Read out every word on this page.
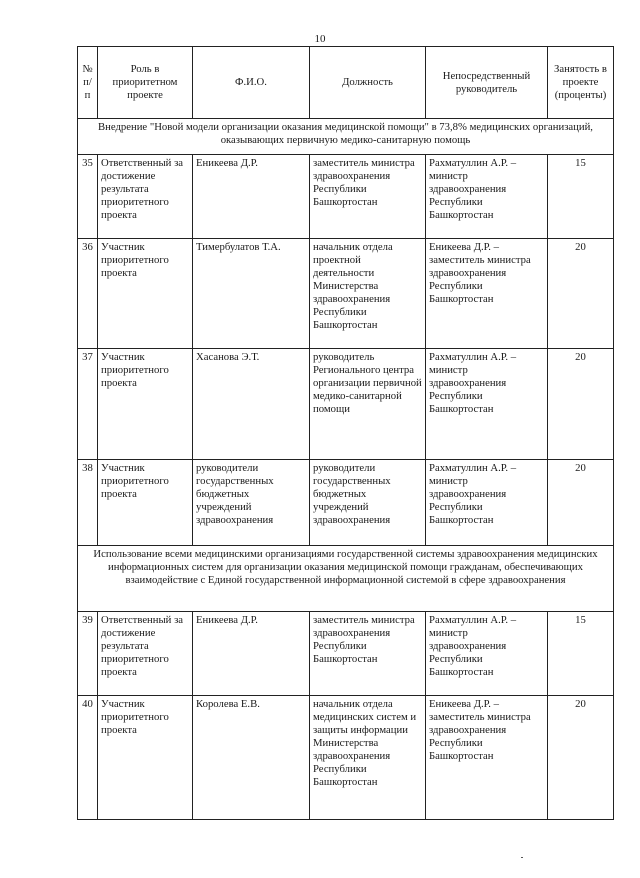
10
№ п/п	Роль в приоритетном проекте	Ф.И.О.	Должность	Непосредственный руководитель	Занятость в проекте (проценты)
Внедрение "Новой модели организации оказания медицинской помощи" в 73,8% медицинских организаций, оказывающих первичную медико-санитарную помощь					
35	Ответственный за достижение результата приоритетного проекта	Еникеева Д.Р.	заместитель министра здравоохранения Республики Башкортостан	Рахматуллин А.Р. – министр здравоохранения Республики Башкортостан	15
36	Участник приоритетного проекта	Тимербулатов Т.А.	начальник отдела проектной деятельности Министерства здравоохранения Республики Башкортостан	Еникеева Д.Р. – заместитель министра здравоохранения Республики Башкортостан	20
37	Участник приоритетного проекта	Хасанова Э.Т.	руководитель Регионального центра организации первичной медико-санитарной помощи	Рахматуллин А.Р. – министр здравоохранения Республики Башкортостан	20
38	Участник приоритетного проекта	руководители государственных бюджетных учреждений здравоохранения	руководители государственных бюджетных учреждений здравоохранения	Рахматуллин А.Р. – министр здравоохранения Республики Башкортостан	20
Использование всеми медицинскими организациями государственной системы здравоохранения медицинских информационных систем для организации оказания медицинской помощи гражданам, обеспечивающих взаимодействие с Единой государственной информационной системой в сфере здравоохранения					
39	Ответственный за достижение результата приоритетного проекта	Еникеева Д.Р.	заместитель министра здравоохранения Республики Башкортостан	Рахматуллин А.Р. – министр здравоохранения Республики Башкортостан	15
40	Участник приоритетного проекта	Королева Е.В.	начальник отдела медицинских систем и защиты информации Министерства здравоохранения Республики Башкортостан	Еникеева Д.Р. – заместитель министра здравоохранения Республики Башкортостан	20
